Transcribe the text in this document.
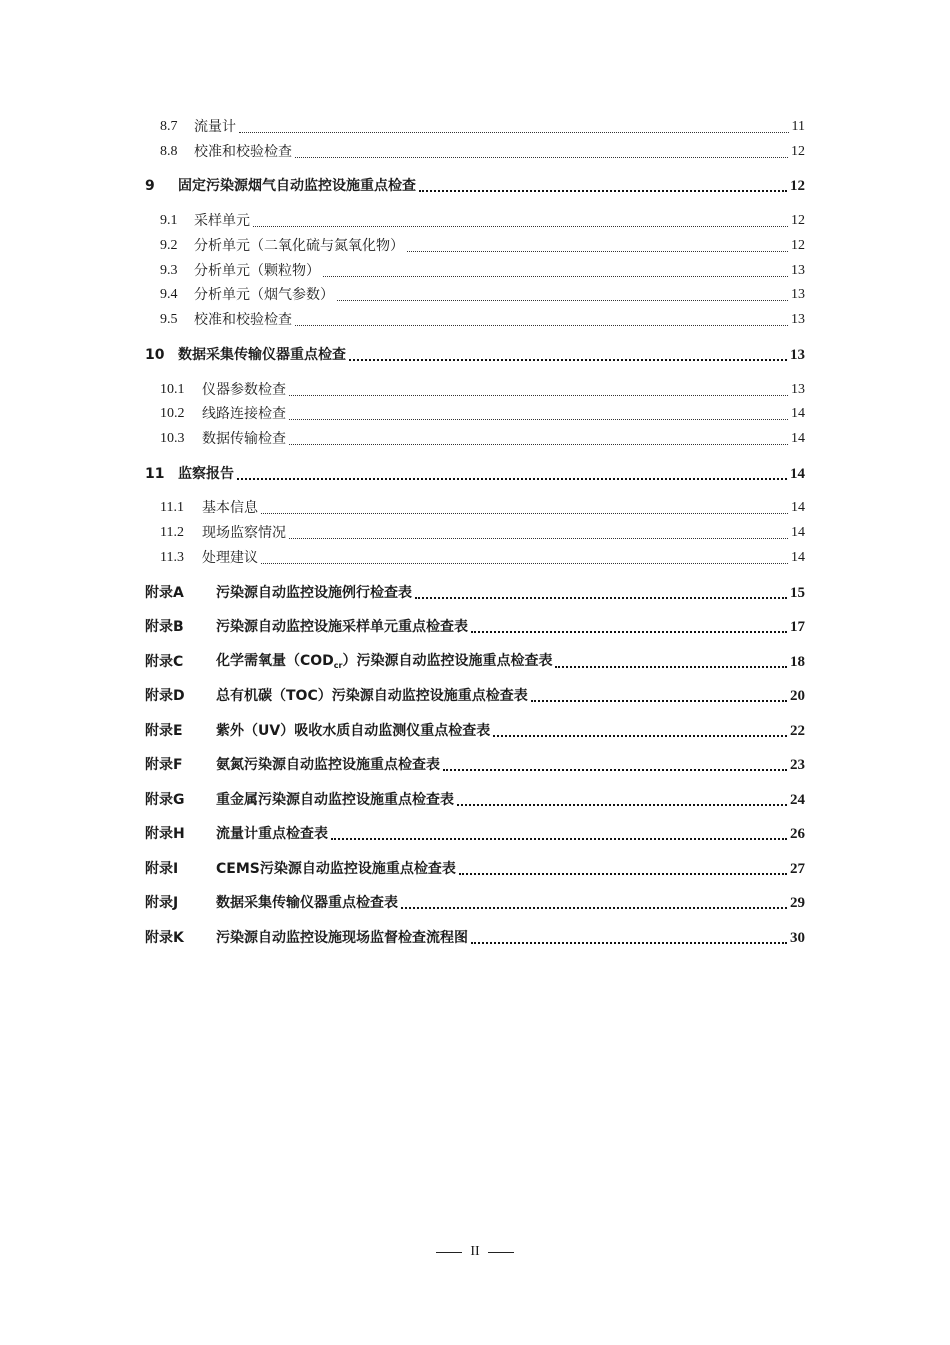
8.7	流量计	11
8.8	校准和校验检查	12
9	固定污染源烟气自动监控设施重点检查	12
9.1	采样单元	12
9.2	分析单元（二氧化硫与氮氧化物）	12
9.3	分析单元（颗粒物）	13
9.4	分析单元（烟气参数）	13
9.5	校准和校验检查	13
10 数据采集传输仪器重点检查	13
10.1	仪器参数检查	13
10.2	线路连接检查	14
10.3	数据传输检查	14
11 监察报告	14
11.1	基本信息	14
11.2	现场监察情况	14
11.3	处理建议	14
附录A	污染源自动监控设施例行检查表	15
附录B	污染源自动监控设施采样单元重点检查表	17
附录C	化学需氧量$(COD_{cr})$污染源自动监控设施重点检查表	18
附录D	总有机碳（TOC）污染源自动监控设施重点检查表	20
附录E	紫外（UV）吸收水质自动监测仪重点检查表	22
附录F	氨氮污染源自动监控设施重点检查表	23
附录G	重金属污染源自动监控设施重点检查表	24
附录H	流量计重点检查表	26
附录I	CEMS污染源自动监控设施重点检查表	27
附录J	数据采集传输仪器重点检查表	29
附录K	污染源自动监控设施现场监督检查流程图	30
II
